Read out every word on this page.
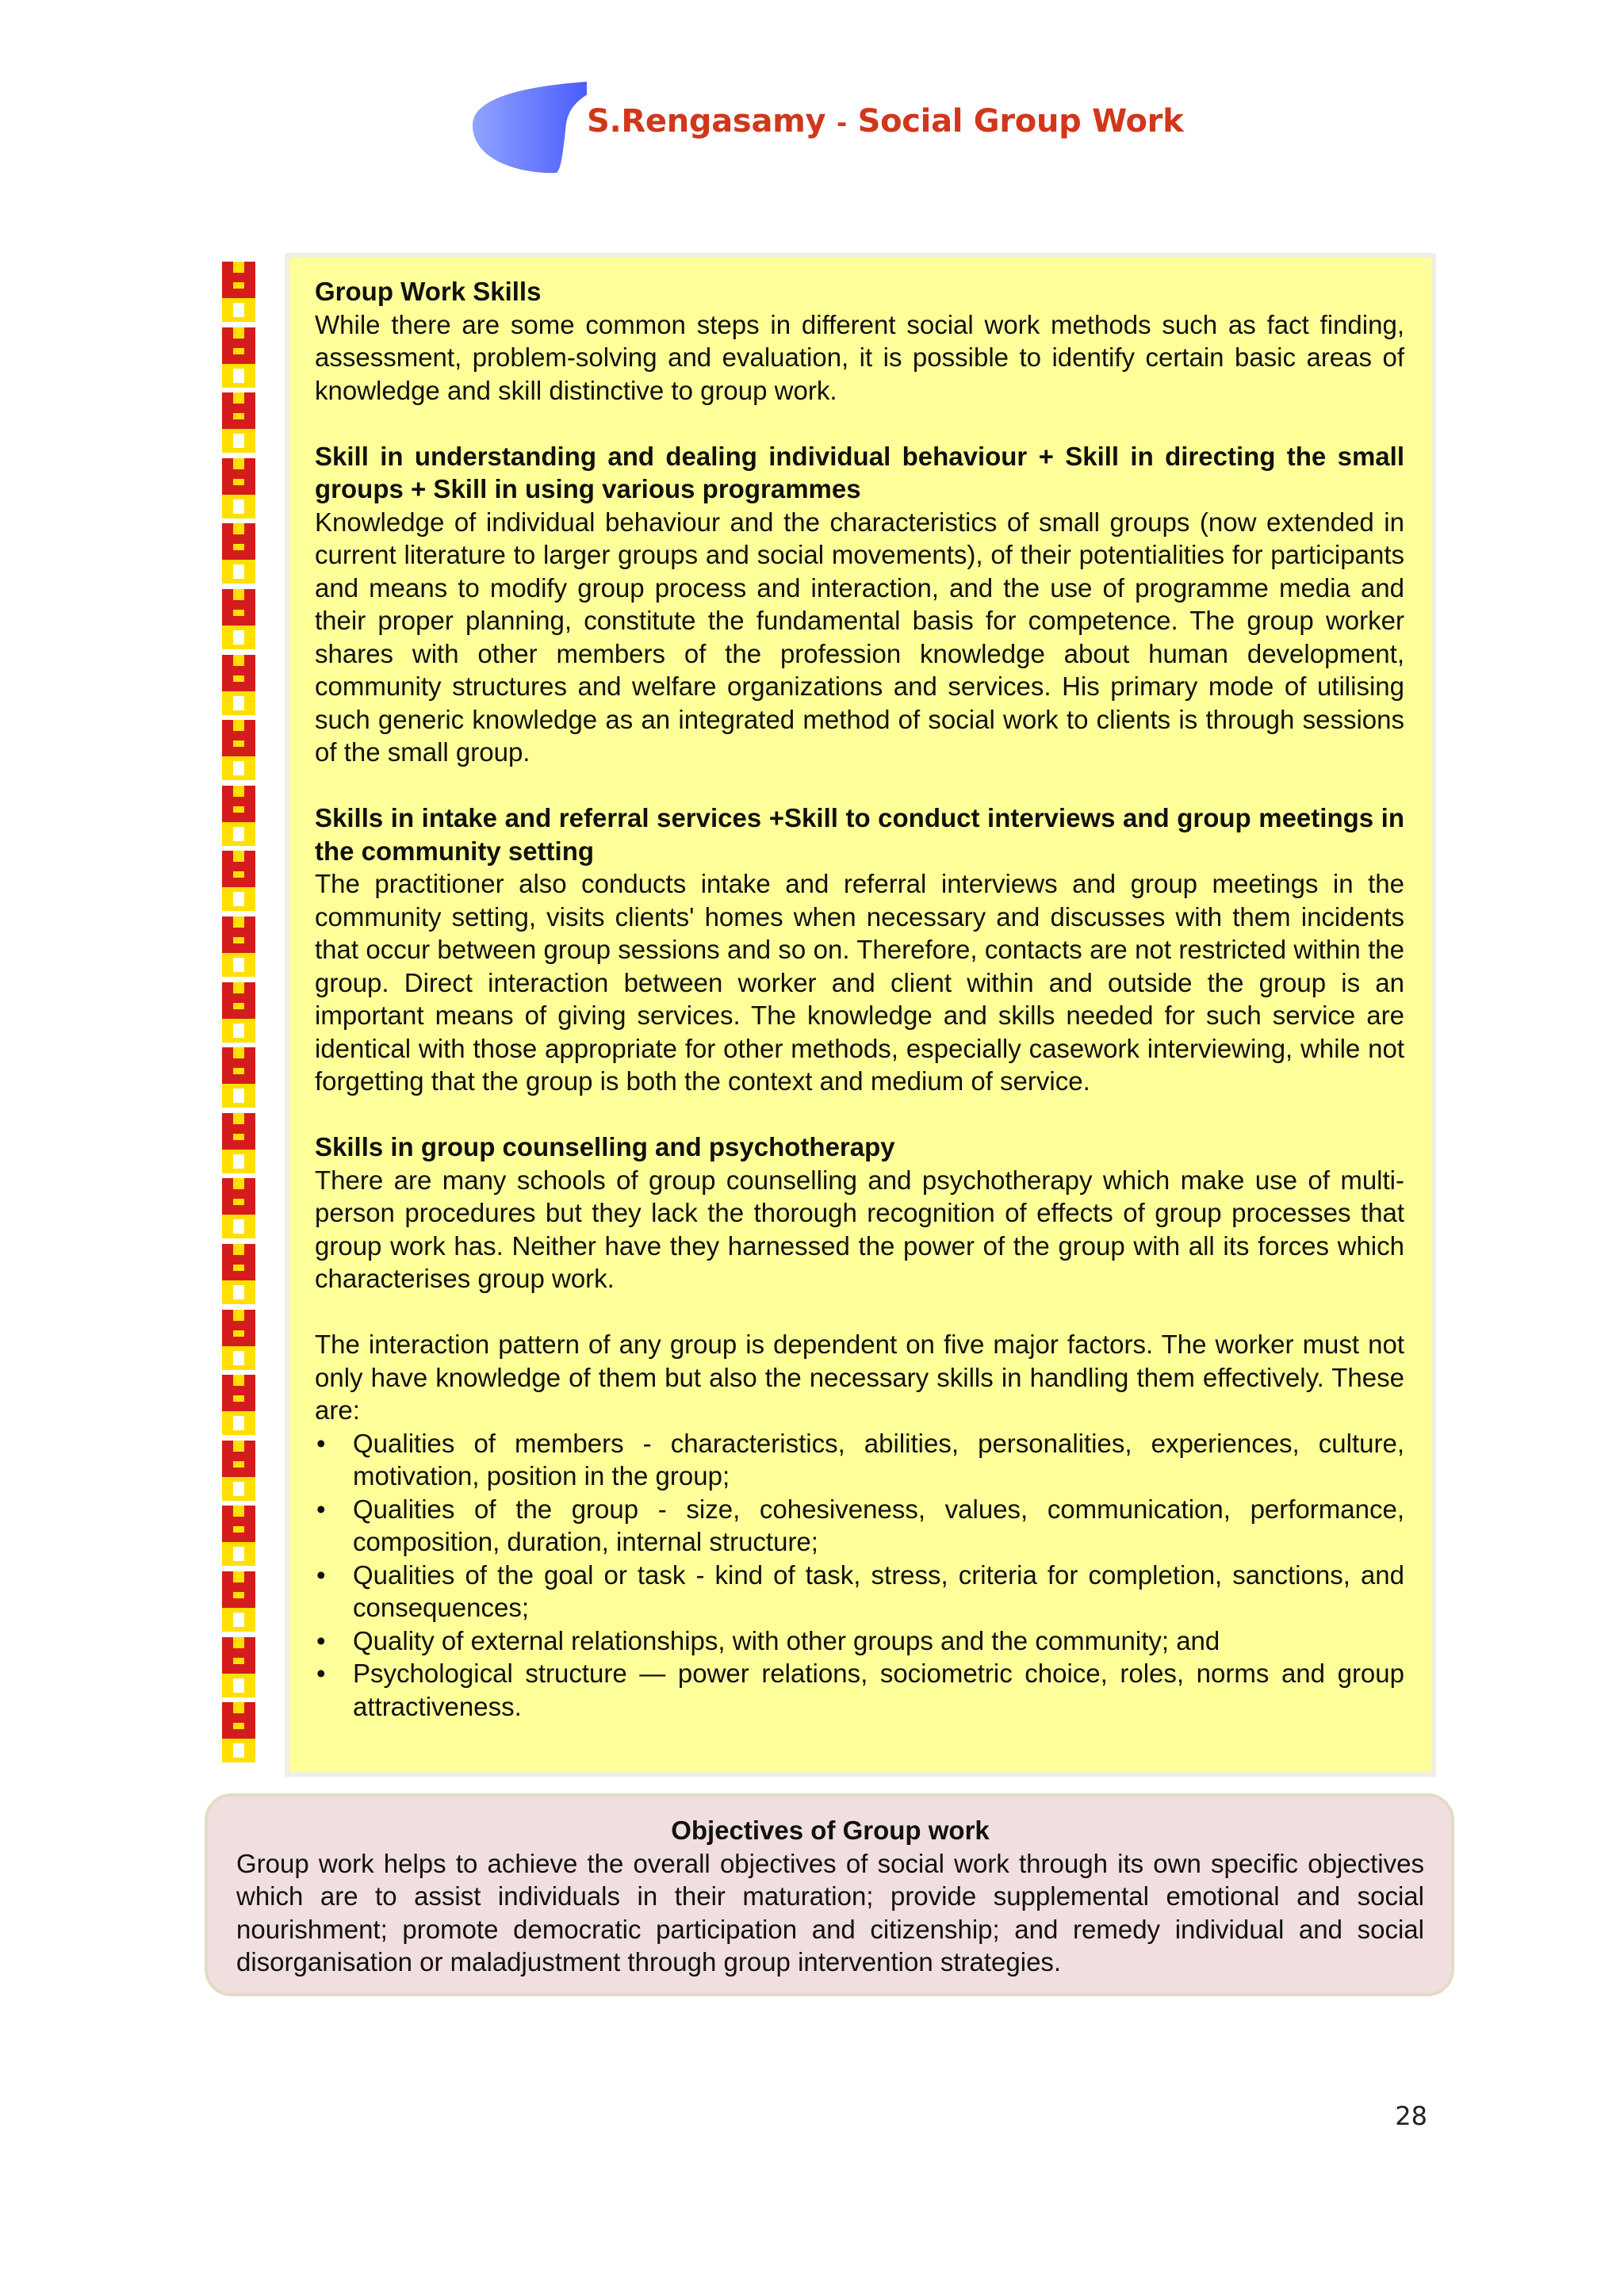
S.Rengasamy - Social Group Work
Group Work Skills

While there are some common steps in different social work methods such as fact finding, assessment, problem-solving and evaluation, it is possible to identify certain basic areas of knowledge and skill distinctive to group work.

Skill in understanding and dealing individual behaviour + Skill in directing the small groups + Skill in using various programmes

Knowledge of individual behaviour and the characteristics of small groups (now extended in current literature to larger groups and social movements), of their potentialities for participants and means to modify group process and interaction, and the use of programme media and their proper planning, constitute the fundamental basis for competence. The group worker shares with other members of the profession knowledge about human development, community structures and welfare organizations and services. His primary mode of utilising such generic knowledge as an integrated method of social work to clients is through sessions of the small group.

Skills in intake and referral services +Skill to conduct interviews and group meetings in the community setting

The practitioner also conducts intake and referral interviews and group meetings in the community setting, visits clients' homes when necessary and discusses with them incidents that occur between group sessions and so on. Therefore, contacts are not restricted within the group. Direct interaction between worker and client within and outside the group is an important means of giving services. The knowledge and skills needed for such service are identical with those appropriate for other methods, especially casework interviewing, while not forgetting that the group is both the context and medium of service.

Skills in group counselling and psychotherapy

There are many schools of group counselling and psychotherapy which make use of multi-person procedures but they lack the thorough recognition of effects of group processes that group work has. Neither have they harnessed the power of the group with all its forces which characterises group work.

The interaction pattern of any group is dependent on five major factors. The worker must not only have knowledge of them but also the necessary skills in handling them effectively. These are:

• Qualities of members - characteristics, abilities, personalities, experiences, culture, motivation, position in the group;
• Qualities of the group - size, cohesiveness, values, communication, performance, composition, duration, internal structure;
• Qualities of the goal or task - kind of task, stress, criteria for completion, sanctions, and consequences;
• Quality of external relationships, with other groups and the community; and
• Psychological structure — power relations, sociometric choice, roles, norms and group attractiveness.

Objectives of Group work

Group work helps to achieve the overall objectives of social work through its own specific objectives which are to assist individuals in their maturation; provide supplemental emotional and social nourishment; promote democratic participation and citizenship; and remedy individual and social disorganisation or maladjustment through group intervention strategies.

28
